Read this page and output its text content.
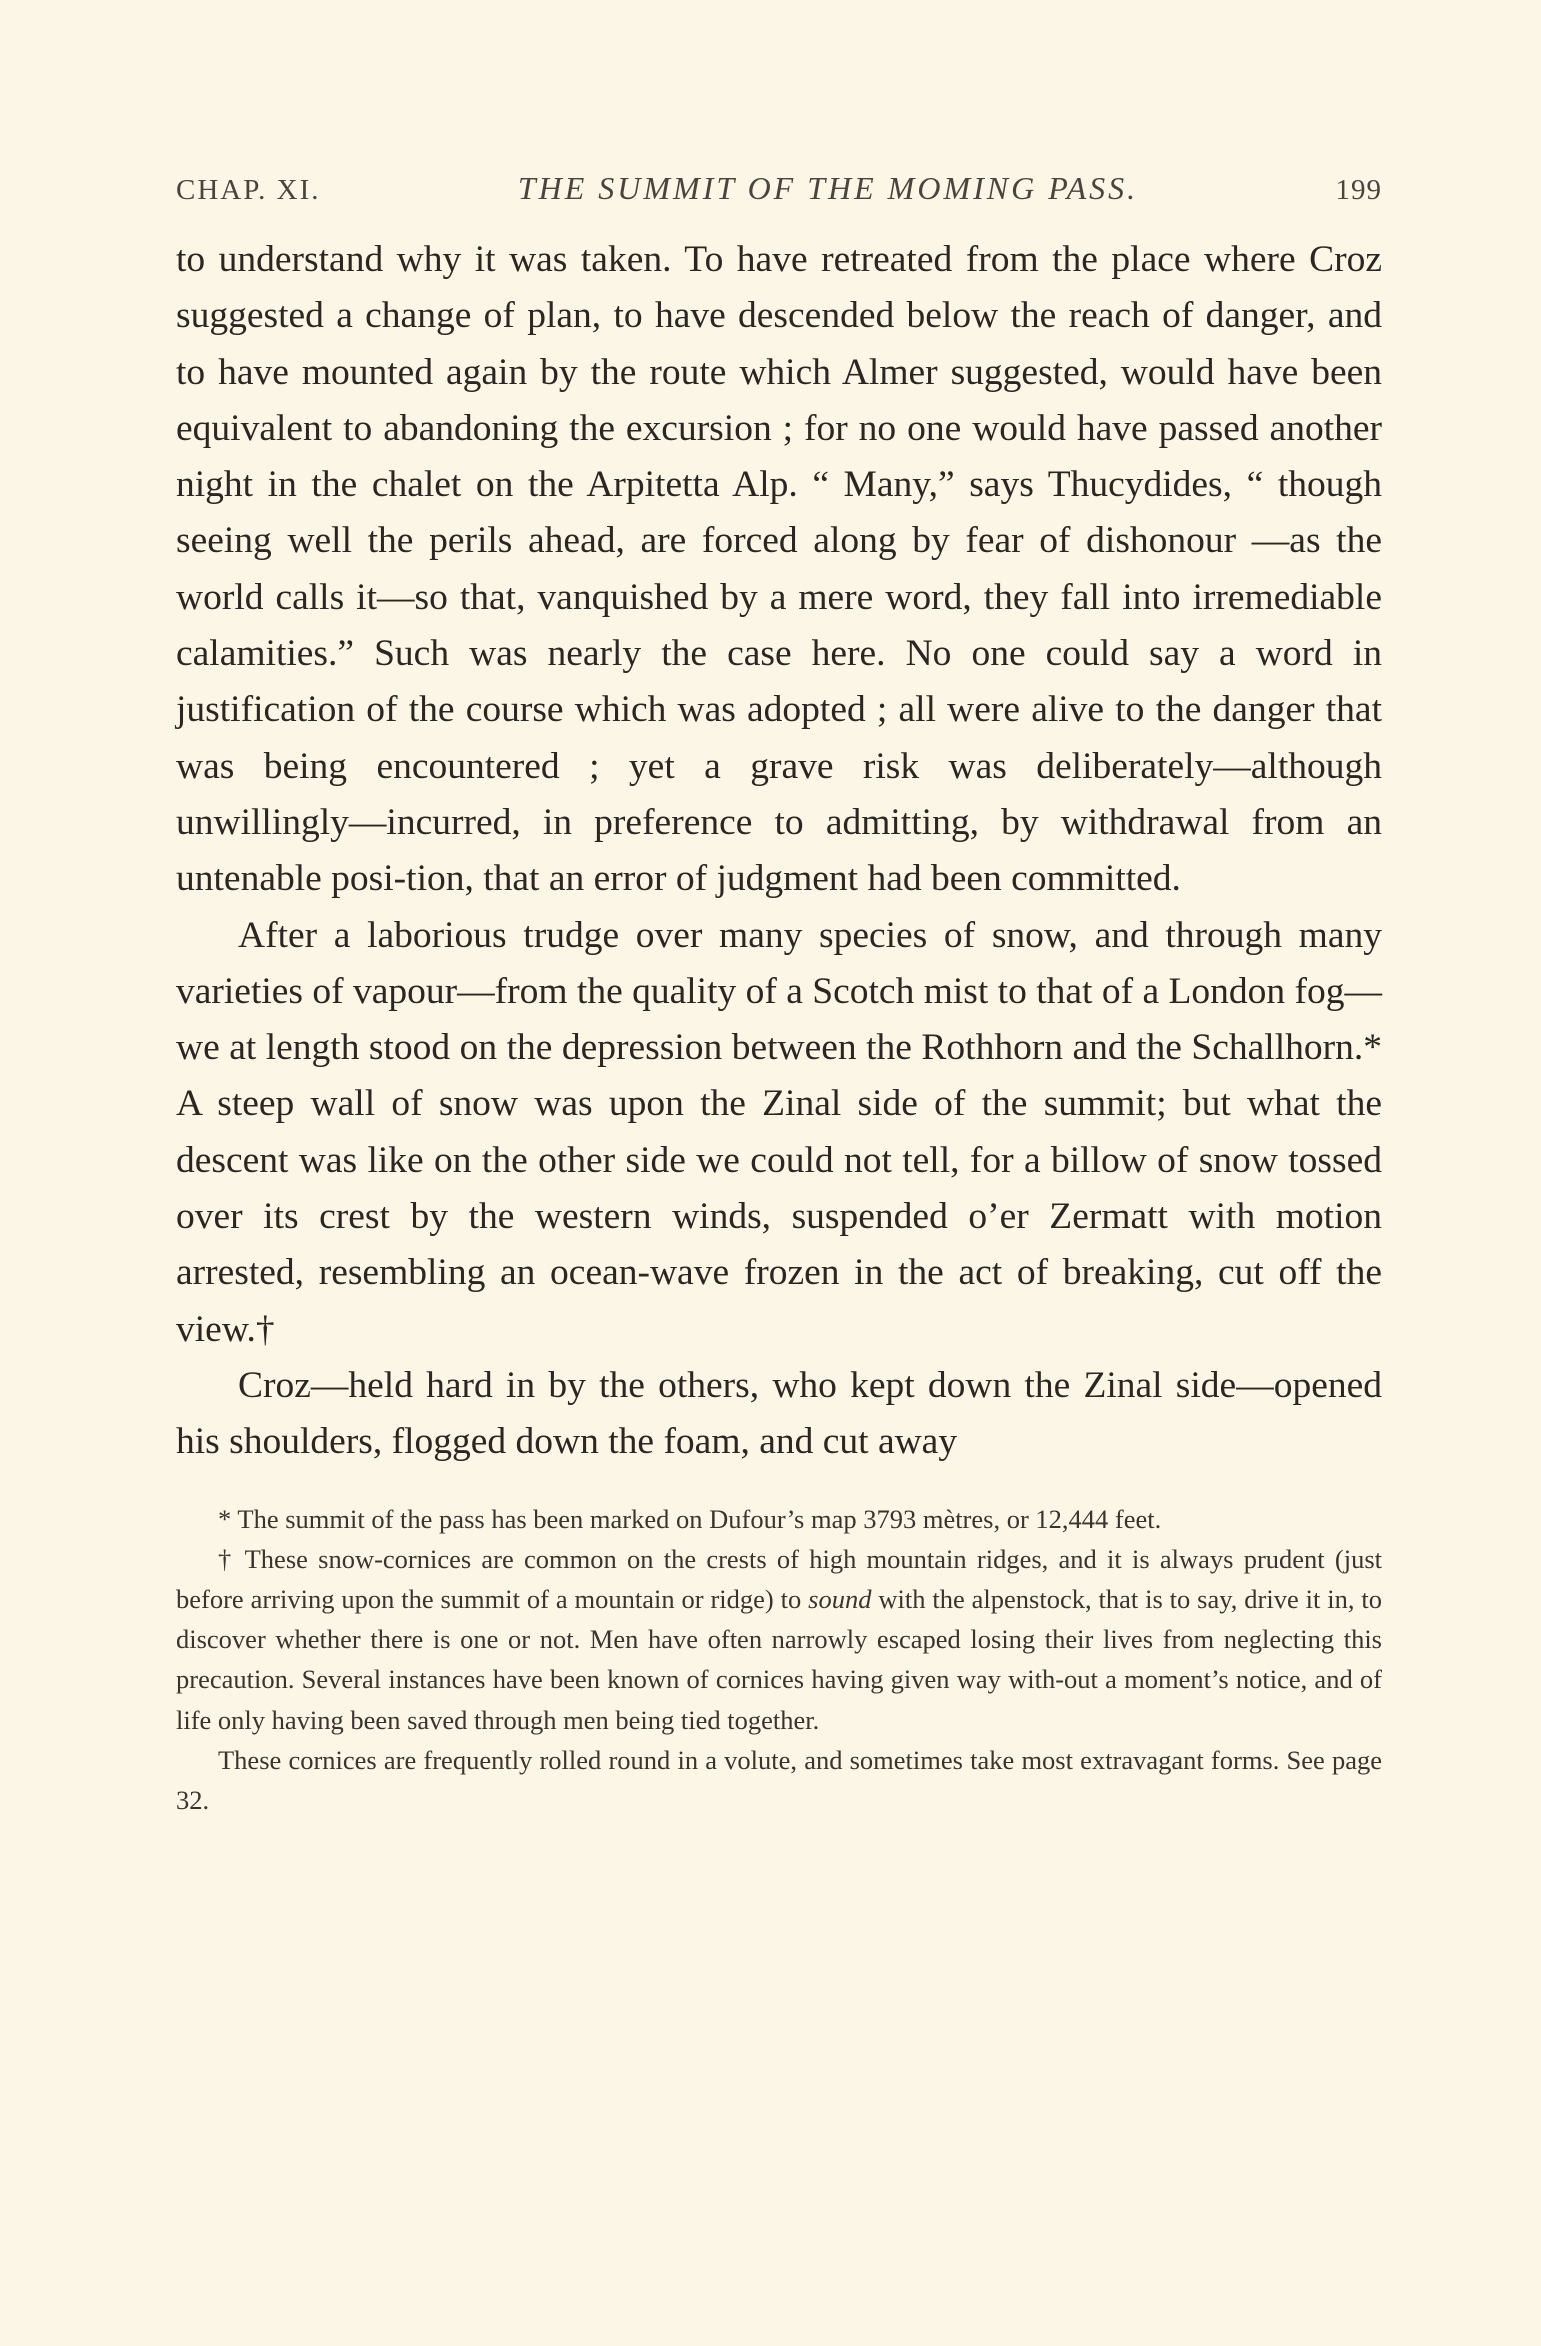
CHAP. XI.	THE SUMMIT OF THE MOMING PASS.	199

to understand why it was taken. To have retreated from the place where Croz suggested a change of plan, to have descended below the reach of danger, and to have mounted again by the route which Almer suggested, would have been equivalent to abandoning the excursion ; for no one would have passed another night in the chalet on the Arpitetta Alp. “ Many,” says Thucydides, “ though seeing well the perils ahead, are forced along by fear of dishonour —as the world calls it—so that, vanquished by a mere word, they fall into irremediable calamities.” Such was nearly the case here. No one could say a word in justification of the course which was adopted ; all were alive to the danger that was being encountered ; yet a grave risk was deliberately—although unwillingly—incurred, in preference to admitting, by withdrawal from an untenable posi-tion, that an error of judgment had been committed.

After a laborious trudge over many species of snow, and through many varieties of vapour—from the quality of a Scotch mist to that of a London fog—we at length stood on the depression between the Rothhorn and the Schallhorn.* A steep wall of snow was upon the Zinal side of the summit; but what the descent was like on the other side we could not tell, for a billow of snow tossed over its crest by the western winds, suspended o’er Zermatt with motion arrested, resembling an ocean-wave frozen in the act of breaking, cut off the view.†

Croz—held hard in by the others, who kept down the Zinal side—opened his shoulders, flogged down the foam, and cut away

* The summit of the pass has been marked on Dufour’s map 3793 mètres, or 12,444 feet.

† These snow-cornices are common on the crests of high mountain ridges, and it is always prudent (just before arriving upon the summit of a mountain or ridge) to sound with the alpenstock, that is to say, drive it in, to discover whether there is one or not. Men have often narrowly escaped losing their lives from neglecting this precaution. Several instances have been known of cornices having given way with-out a moment’s notice, and of life only having been saved through men being tied together.

These cornices are frequently rolled round in a volute, and sometimes take most extravagant forms. See page 32.
